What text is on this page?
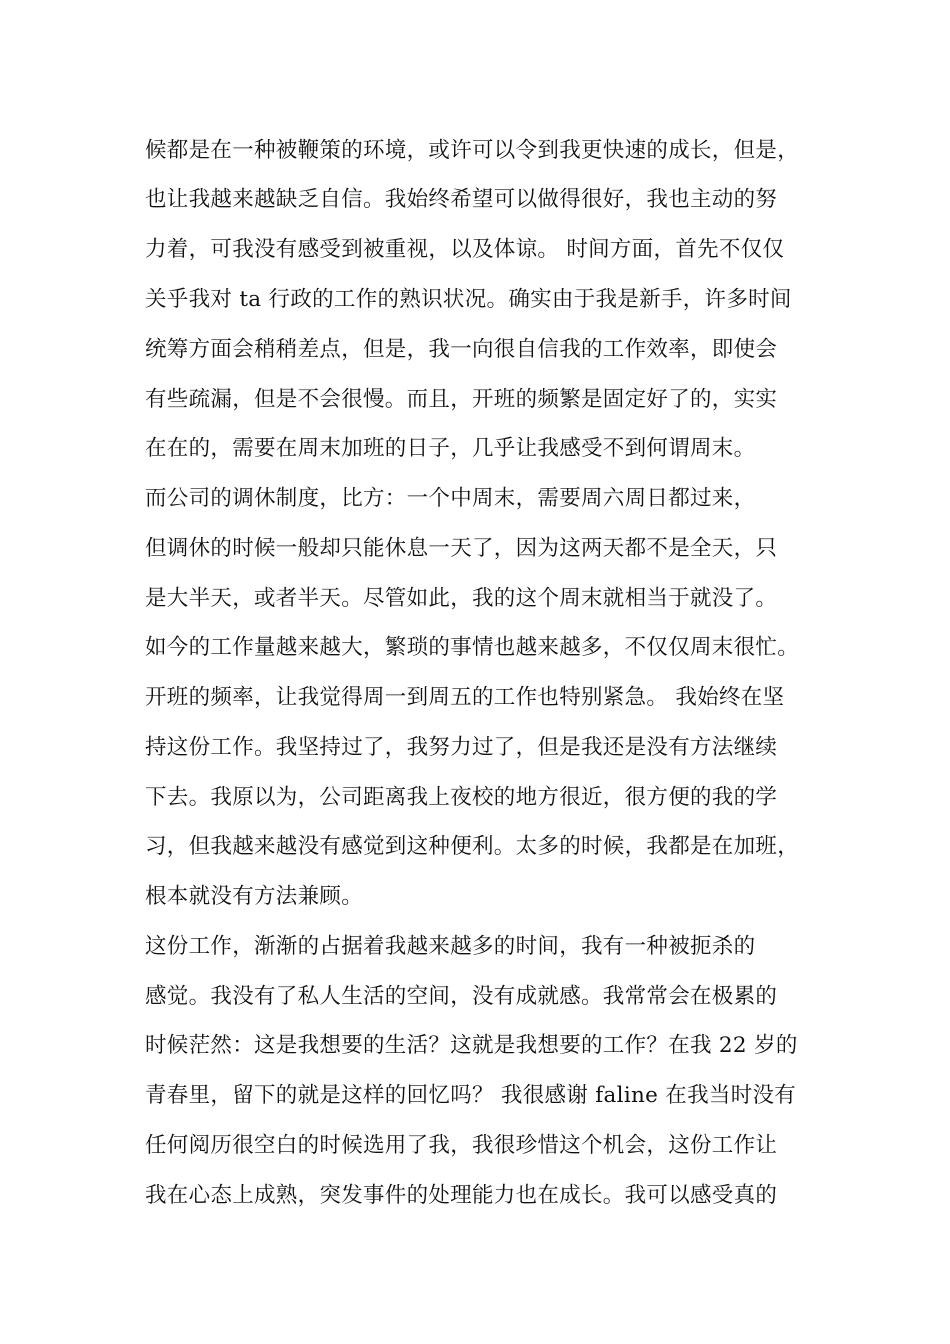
候都是在一种被鞭策的环境，或许可以令到我更快速的成长，但是，
也让我越来越缺乏自信。我始终希望可以做得很好，我也主动的努
力着，可我没有感受到被重视，以及体谅。 时间方面，首先不仅仅
关乎我对 ta 行政的工作的熟识状况。确实由于我是新手，许多时间
统筹方面会稍稍差点，但是，我一向很自信我的工作效率，即使会
有些疏漏，但是不会很慢。而且，开班的频繁是固定好了的，实实
在在的，需要在周末加班的日子，几乎让我感受不到何谓周末。
而公司的调休制度，比方：一个中周末，需要周六周日都过来，
但调休的时候一般却只能休息一天了，因为这两天都不是全天，只
是大半天，或者半天。尽管如此，我的这个周末就相当于就没了。
如今的工作量越来越大，繁琐的事情也越来越多，不仅仅周末很忙。
开班的频率，让我觉得周一到周五的工作也特别紧急。 我始终在坚
持这份工作。我坚持过了，我努力过了，但是我还是没有方法继续
下去。我原以为，公司距离我上夜校的地方很近，很方便的我的学
习，但我越来越没有感觉到这种便利。太多的时候，我都是在加班，
根本就没有方法兼顾。
这份工作，渐渐的占据着我越来越多的时间，我有一种被扼杀的
感觉。我没有了私人生活的空间，没有成就感。我常常会在极累的
时候茫然：这是我想要的生活？这就是我想要的工作？在我 22 岁的
青春里，留下的就是这样的回忆吗？ 我很感谢 faline 在我当时没有
任何阅历很空白的时候选用了我，我很珍惜这个机会，这份工作让
我在心态上成熟，突发事件的处理能力也在成长。我可以感受真的
